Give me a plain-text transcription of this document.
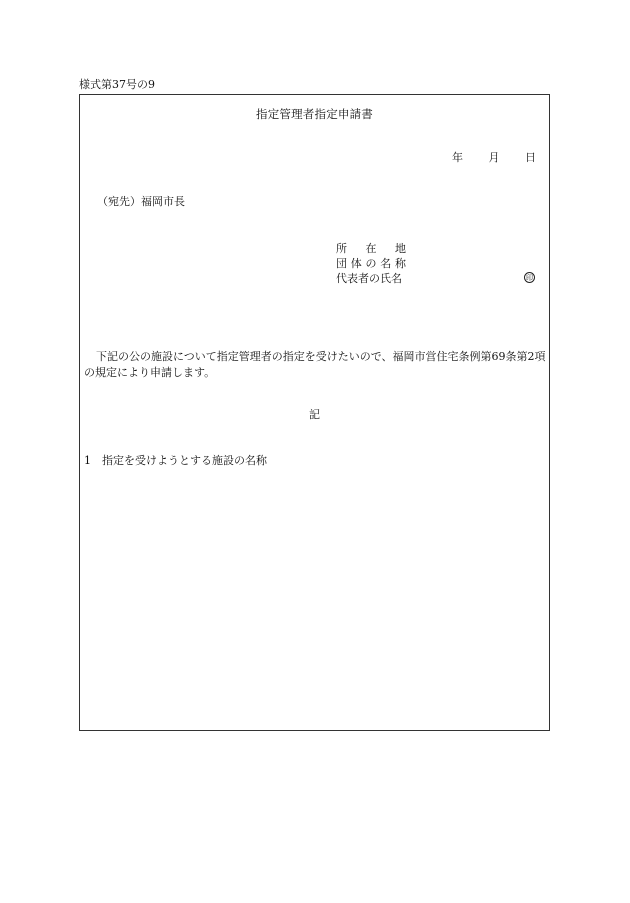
様式第37号の9
指定管理者指定申請書
年 月 日
（宛先）福岡市長
所 在 地
団 体 の 名 称
代表者の氏名	印
下記の公の施設について指定管理者の指定を受けたいので、福岡市営住宅条例第69条第2項の規定により申請します。
記
1 指定を受けようとする施設の名称
